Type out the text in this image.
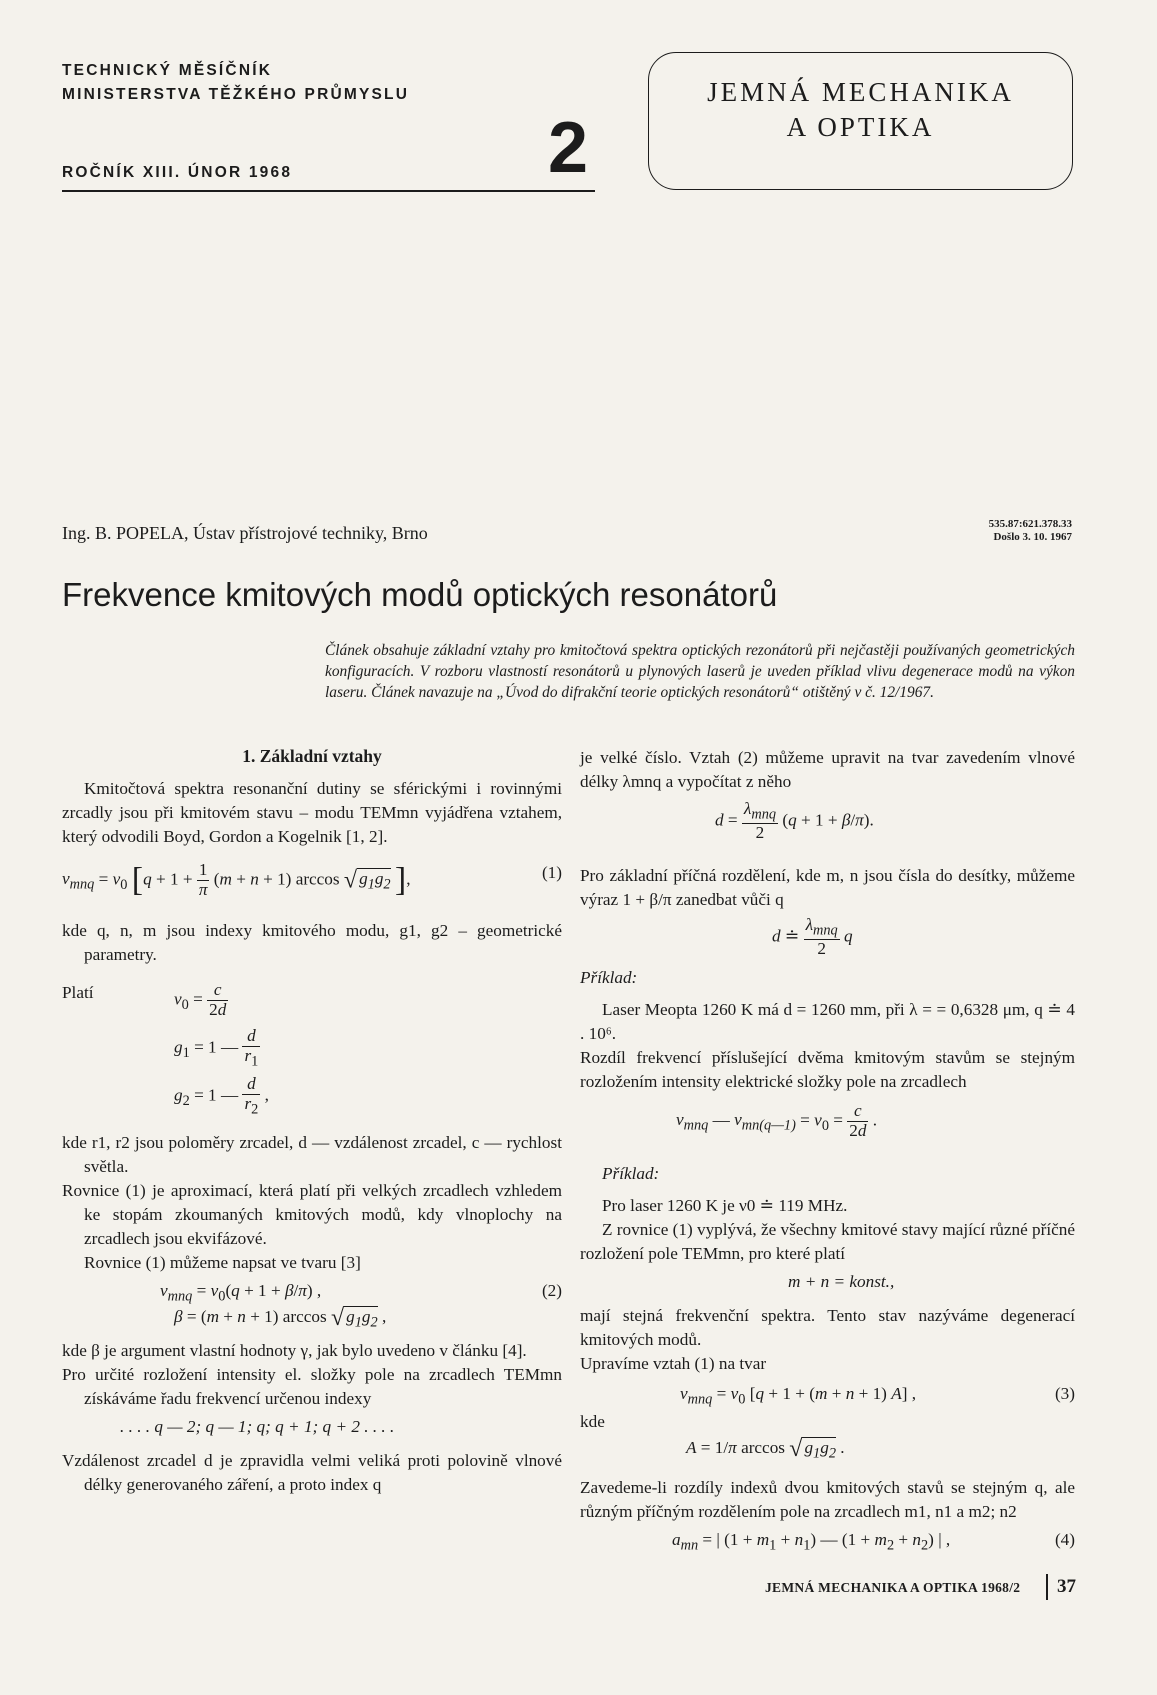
TECHNICKÝ MĚSÍČNÍK
MINISTERSTVA TĚŽKÉHO PRŮMYSLU
ROČNÍK XIII. ÚNOR 1968	2
JEMNÁ MECHANIKA
A OPTIKA
Ing. B. POPELA, Ústav přístrojové techniky, Brno	535.87:621.378.33
Došlo 3. 10. 1967
Frekvence kmitových modů optických resonátorů
Článek obsahuje základní vztahy pro kmitočtová spektra optických rezonátorů při nejčastěji používaných geometrických konfiguracích. V rozboru vlastností resonátorů u plynových laserů je uveden příklad vlivu degenerace modů na výkon laseru. Článek navazuje na „Úvod do difrakční teorie optických resonátorů“ otištěný v č. 12/1967.
1. Základní vztahy
Kmitočtová spektra resonanční dutiny se sférickými i rovinnými zrcadly jsou při kmitovém stavu – modu TEMmn vyjádřena vztahem, který odvodili Boyd, Gordon a Kogelnik [1, 2].
$\nu_{mnq} = \nu_0$ [$q + 1 + \frac{1}{\pi} (m + n + 1)$ arccos √ $g_1g_2$ ],	(1)
kde q, n, m jsou indexy kmitového modu, g1, g2 – geometrické parametry.
Platí	$\nu_0 = \frac{c}{2d}$
$g_1 = 1$ — $\frac{d}{r_1}$
$g_2 = 1$ — $\frac{d}{r_2}$ ,
kde r1, r2 jsou poloměry zrcadel, d — vzdálenost zrcadel, c — rychlost světla.
Rovnice (1) je aproximací, která platí při velkých zrcadlech vzhledem ke stopám zkoumaných kmitových modů, kdy vlnoplochy na zrcadlech jsou ekvifázové.
Rovnice (1) můžeme napsat ve tvaru [3]
$\nu_{mnq} = \nu_0(q + 1 + \beta/\pi)$ ,	(2)
β = (m + n + 1) arccos √ $g_1g_2$ ,
kde β je argument vlastní hodnoty γ, jak bylo uvedeno v článku [4].
Pro určité rozložení intensity el. složky pole na zrcadlech TEMmn získáváme řadu frekvencí určenou indexy
. . . . q — 2; q — 1; q; q + 1; q + 2 . . . .
Vzdálenost zrcadel d je zpravidla velmi veliká proti polovině vlnové délky generovaného záření, a proto index q
je velké číslo. Vztah (2) můžeme upravit na tvar zavedením vlnové délky λmnq a vypočítat z něho
$d = \frac{\lambda_{mnq}}{2} (q + 1 + \beta/\pi)$.
Pro základní příčná rozdělení, kde m, n jsou čísla do desítky, můžeme výraz 1 + β/π zanedbat vůči q
d ≐ $\frac{\lambda_{mnq}}{2}$ q
Příklad:
Laser Meopta 1260 K má d = 1260 mm, při λ = = 0,6328 μm, q ≐ 4 . 10⁶.
Rozdíl frekvencí příslušející dvěma kmitovým stavům se stejným rozložením intensity elektrické složky pole na zrcadlech
$\nu_{mnq}$ — $\nu_{mn(q—1)} = \nu_0 = \frac{c}{2d}$ .
Příklad:
Pro laser 1260 K je ν0 ≐ 119 MHz.
Z rovnice (1) vyplývá, že všechny kmitové stavy mající různé příčné rozložení pole TEMmn, pro které platí
m + n = konst.,
mají stejná frekvenční spektra. Tento stav nazýváme degenerací kmitových modů.
Upravíme vztah (1) na tvar
$\nu_{mnq} = \nu_0$ [q + 1 + (m + n + 1) A] ,	(3)
kde
A = 1/π arccos √ $g_1g_2$ .
Zavedeme-li rozdíly indexů dvou kmitových stavů se stejným q, ale různým příčným rozdělením pole na zrcadlech m1, n1 a m2; n2
$a_{mn}$ = | $(1 + m_1 + n_1)$ — $(1 + m_2 + n_2)$ | ,	(4)
JEMNÁ MECHANIKA A OPTIKA 1968/2 37
